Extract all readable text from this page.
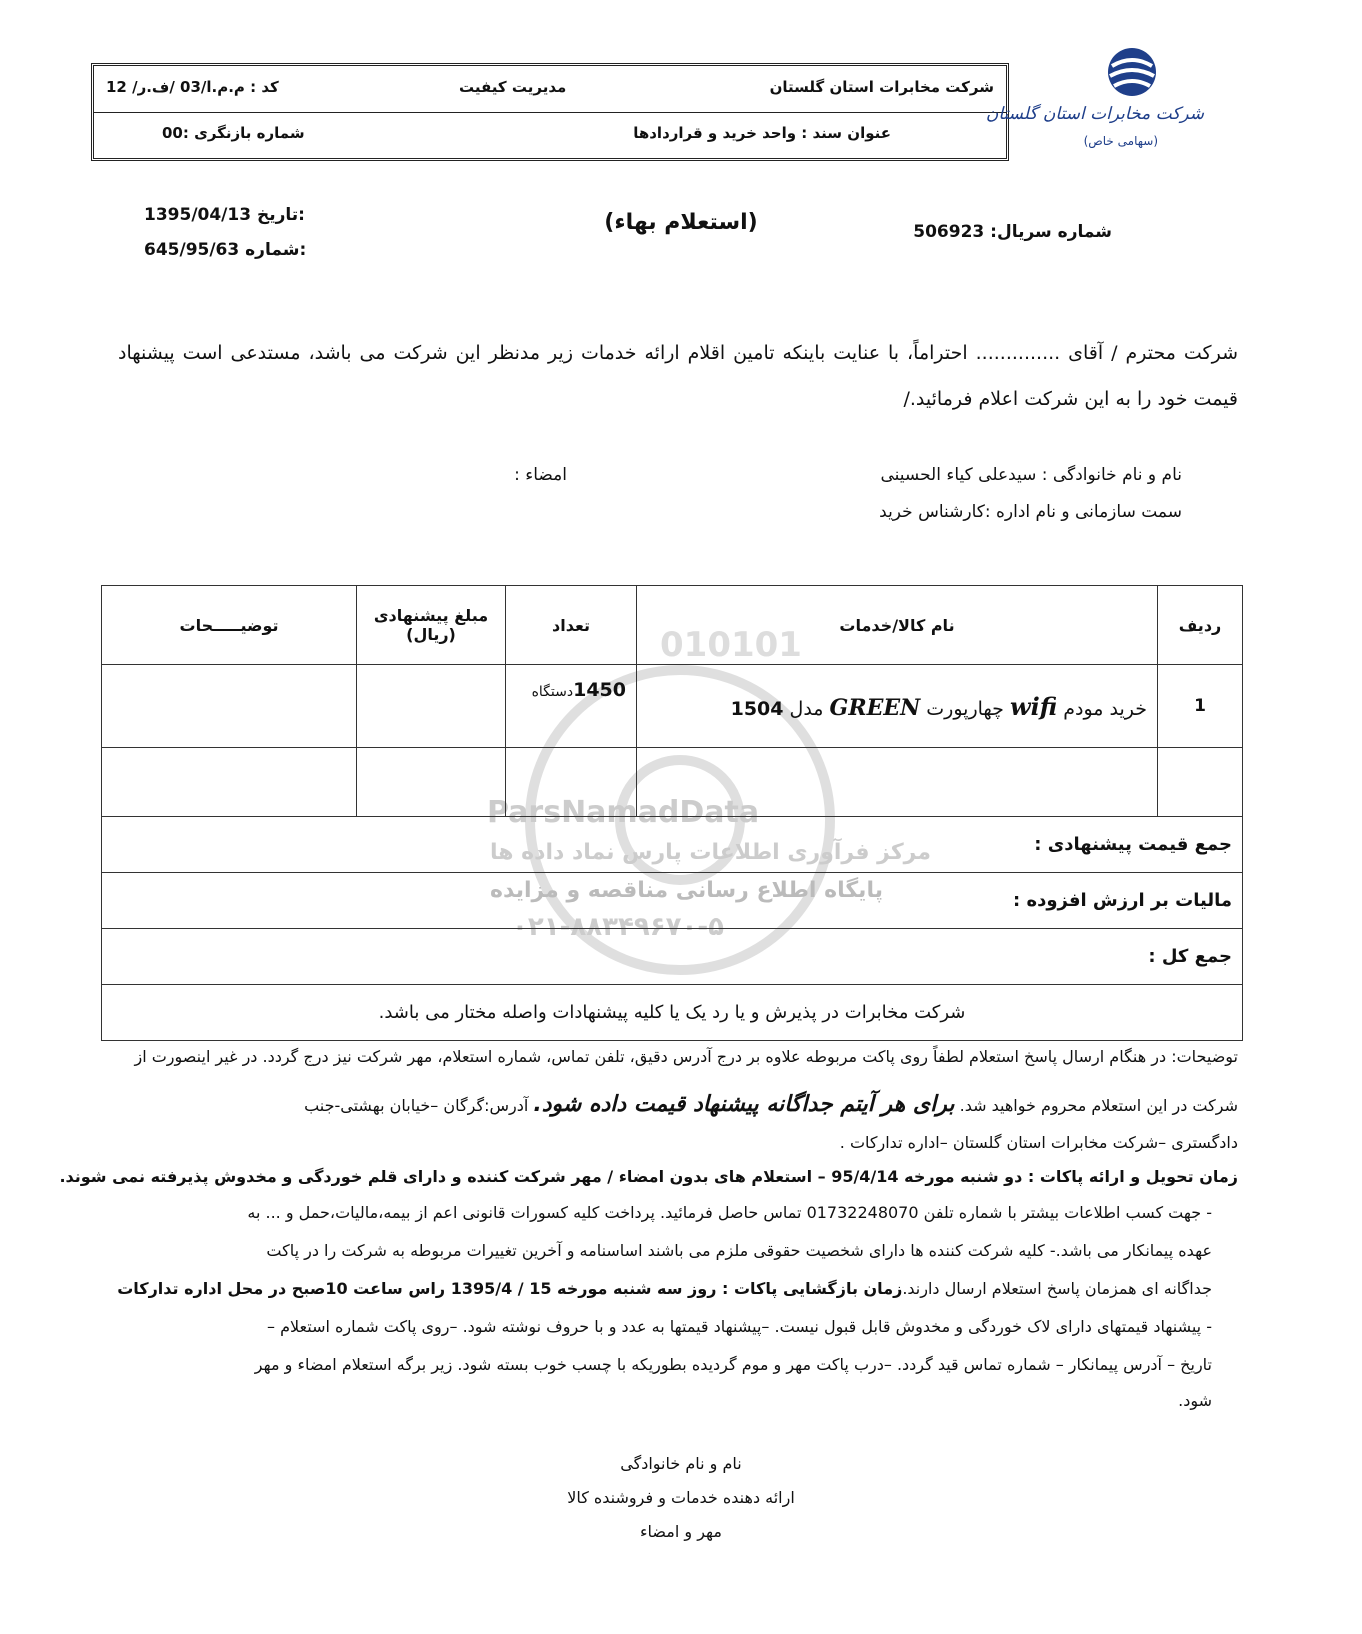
شرکت مخابرات استان گلستان
مدیریت کیفیت
کد : م.م.ا/03 /ف.ر/ 12
عنوان سند : واحد خرید و قراردادها
شماره بازنگری :00
شرکت مخابرات استان گلستان
(سهامی خاص)
شماره سریال: 506923
(استعلام بهاء)
1395/04/13 تاریخ:
645/95/63 شماره:
شرکت محترم / آقای .............. احتراماً، با عنایت باینکه تامین اقلام ارائه خدمات زیر مدنظر این شرکت می باشد، مستدعی است پیشنهاد
قیمت خود را به این شرکت اعلام فرمائید./
نام و نام خانوادگی : سیدعلی کیاء الحسینی
امضاء :
سمت سازمانی و نام اداره :کارشناس خرید
010101
ParsNamadData
مرکز فرآوری اطلاعات پارس نماد داده ها
پایگاه اطلاع رسانی مناقصه و مزایده
۰۲۱-۸۸۳۴۹۶۷۰-۵
ردیف	نام کالا/خدمات	تعداد	مبلغ پیشنهادی (ریال)	توضیـــــحات
1	خرید مودم wifi چهارپورت GREEN مدل 1504	1450دستگاه		

جمع قیمت پیشنهادی :				
مالیات بر ارزش افزوده :				
جمع کل :				
شرکت مخابرات در پذیرش و یا رد یک یا کلیه پیشنهادات واصله مختار می باشد.				
توضیحات: در هنگام ارسال پاسخ استعلام لطفاً روی پاکت مربوطه علاوه بر درج آدرس دقیق، تلفن تماس، شماره استعلام، مهر شرکت نیز درج گردد. در غیر اینصورت از
شرکت در این استعلام محروم خواهید شد. برای هر آیتم جداگانه پیشنهاد قیمت داده شود. آدرس:گرگان –خیابان بهشتی-جنب
دادگستری –شرکت مخابرات استان گلستان –اداره تدارکات .
زمان تحویل و ارائه پاکات : دو شنبه مورخه 95/4/14 – استعلام های بدون امضاء / مهر شرکت کننده و دارای قلم خوردگی و مخدوش پذیرفته نمی شوند.
- جهت کسب اطلاعات بیشتر با شماره تلفن 01732248070 تماس حاصل فرمائید. پرداخت کلیه کسورات قانونی اعم از بیمه،مالیات،حمل و ... به
عهده پیمانکار می باشد.- کلیه شرکت کننده ها دارای شخصیت حقوقی ملزم می باشند اساسنامه و آخرین تغییرات مربوطه به شرکت را در پاکت
جداگانه ای همزمان پاسخ استعلام ارسال دارند.زمان بازگشایی پاکات : روز سه شنبه مورخه 15 / 1395/4 راس ساعت 10صبح در محل اداره تدارکات
- پیشنهاد قیمتهای دارای لاک خوردگی و مخدوش قابل قبول نیست. –پیشنهاد قیمتها به عدد و با حروف نوشته شود. –روی پاکت شماره استعلام –
تاریخ – آدرس پیمانکار – شماره تماس قید گردد. –درب پاکت مهر و موم گردیده بطوریکه با چسب خوب بسته شود. زیر برگه استعلام امضاء و مهر
شود.
نام و نام خانوادگی
ارائه دهنده خدمات و فروشنده کالا
مهر و امضاء
